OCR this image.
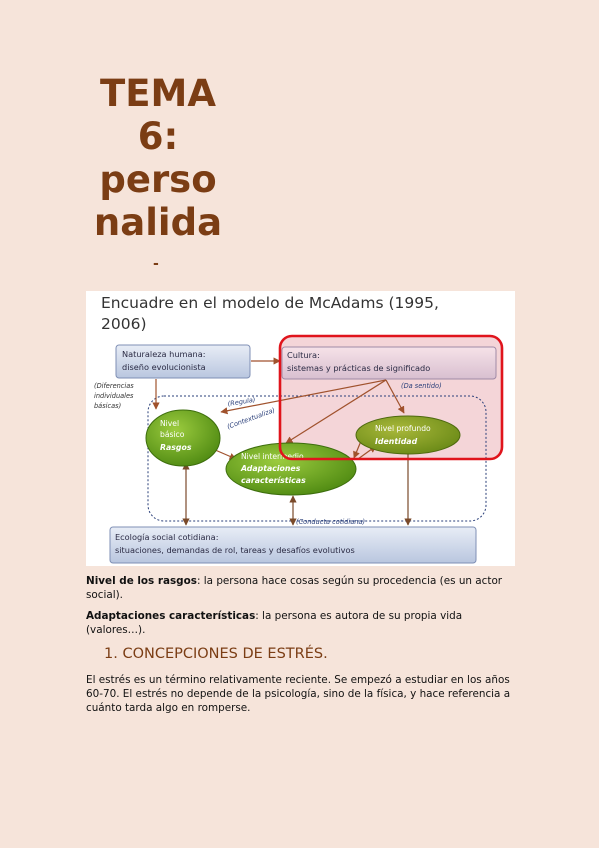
TEMA
6:
perso
nalida
-
Encuadre en el modelo de McAdams (1995,
2006)
Naturaleza humana:
diseño evolucionista
Cultura:
sistemas y prácticas de significado
Ecología social cotidiana:
situaciones, demandas de rol, tareas y desafíos evolutivos
(Diferencias
individuales
básicas)	(Regula)
(Contextualiza)
(Da sentido)
(Conducta cotidiana)
Nivel
básico
Rasgos
Nivel profundo
Identidad
Nivel intermedio
Adaptaciones
características
Nivel de los rasgos: la persona hace cosas según su procedencia (es un actor social).
Adaptaciones características: la persona es autora de su propia vida (valores…).
1. CONCEPCIONES DE ESTRÉS.
El estrés es un término relativamente reciente. Se empezó a estudiar en los años 60-70. El estrés no depende de la psicología, sino de la física, y hace referencia a cuánto tarda algo en romperse.
